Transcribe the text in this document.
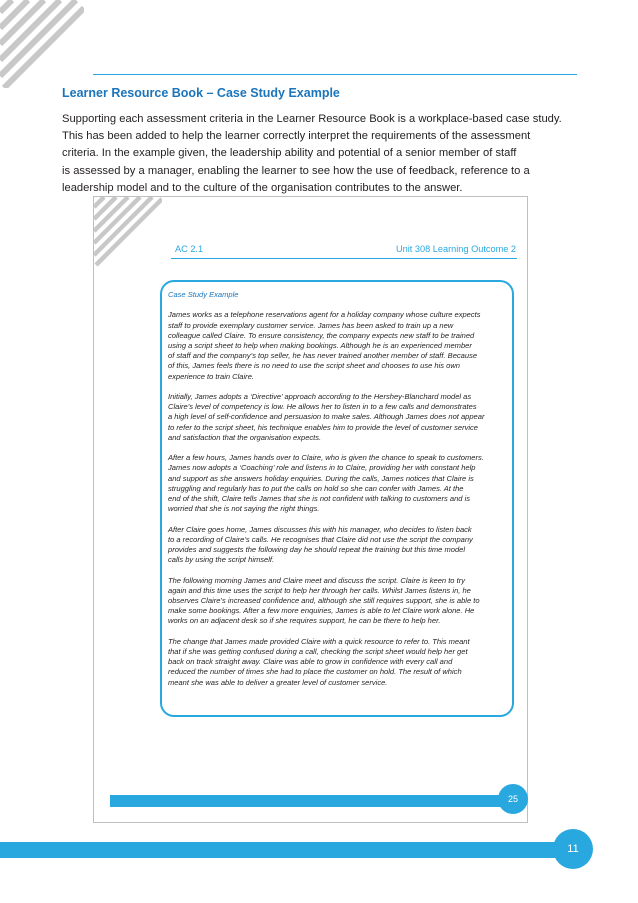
Learner Resource Book – Case Study Example

Supporting each assessment criteria in the Learner Resource Book is a workplace-based case study.
This has been added to help the learner correctly interpret the requirements of the assessment
criteria. In the example given, the leadership ability and potential of a senior member of staff
is assessed by a manager, enabling the learner to see how the use of feedback, reference to a
leadership model and to the culture of the organisation contributes to the answer.

AC 2.1	Unit 308 Learning Outcome 2
Case Study Example

James works as a telephone reservations agent for a holiday company whose culture expects
staff to provide exemplary customer service. James has been asked to train up a new
colleague called Claire. To ensure consistency, the company expects new staff to be trained
using a script sheet to help when making bookings. Although he is an experienced member
of staff and the company’s top seller, he has never trained another member of staff. Because
of this, James feels there is no need to use the script sheet and chooses to use his own
experience to train Claire.

Initially, James adopts a ‘Directive’ approach according to the Hershey-Blanchard model as
Claire’s level of competency is low. He allows her to listen in to a few calls and demonstrates
a high level of self-confidence and persuasion to make sales. Although James does not appear
to refer to the script sheet, his technique enables him to provide the level of customer service
and satisfaction that the organisation expects.

After a few hours, James hands over to Claire, who is given the chance to speak to customers.
James now adopts a ‘Coaching’ role and listens in to Claire, providing her with constant help
and support as she answers holiday enquiries. During the calls, James notices that Claire is
struggling and regularly has to put the calls on hold so she can confer with James. At the
end of the shift, Claire tells James that she is not confident with talking to customers and is
worried that she is not saying the right things.

After Claire goes home, James discusses this with his manager, who decides to listen back
to a recording of Claire’s calls. He recognises that Claire did not use the script the company
provides and suggests the following day he should repeat the training but this time model
calls by using the script himself.

The following morning James and Claire meet and discuss the script. Claire is keen to try
again and this time uses the script to help her through her calls. Whilst James listens in, he
observes Claire’s increased confidence and, although she still requires support, she is able to
make some bookings. After a few more enquiries, James is able to let Claire work alone. He
works on an adjacent desk so if she requires support, he can be there to help her.

The change that James made provided Claire with a quick resource to refer to. This meant
that if she was getting confused during a call, checking the script sheet would help her get
back on track straight away. Claire was able to grow in confidence with every call and
reduced the number of times she had to place the customer on hold. The result of which
meant she was able to deliver a greater level of customer service.

25
11
